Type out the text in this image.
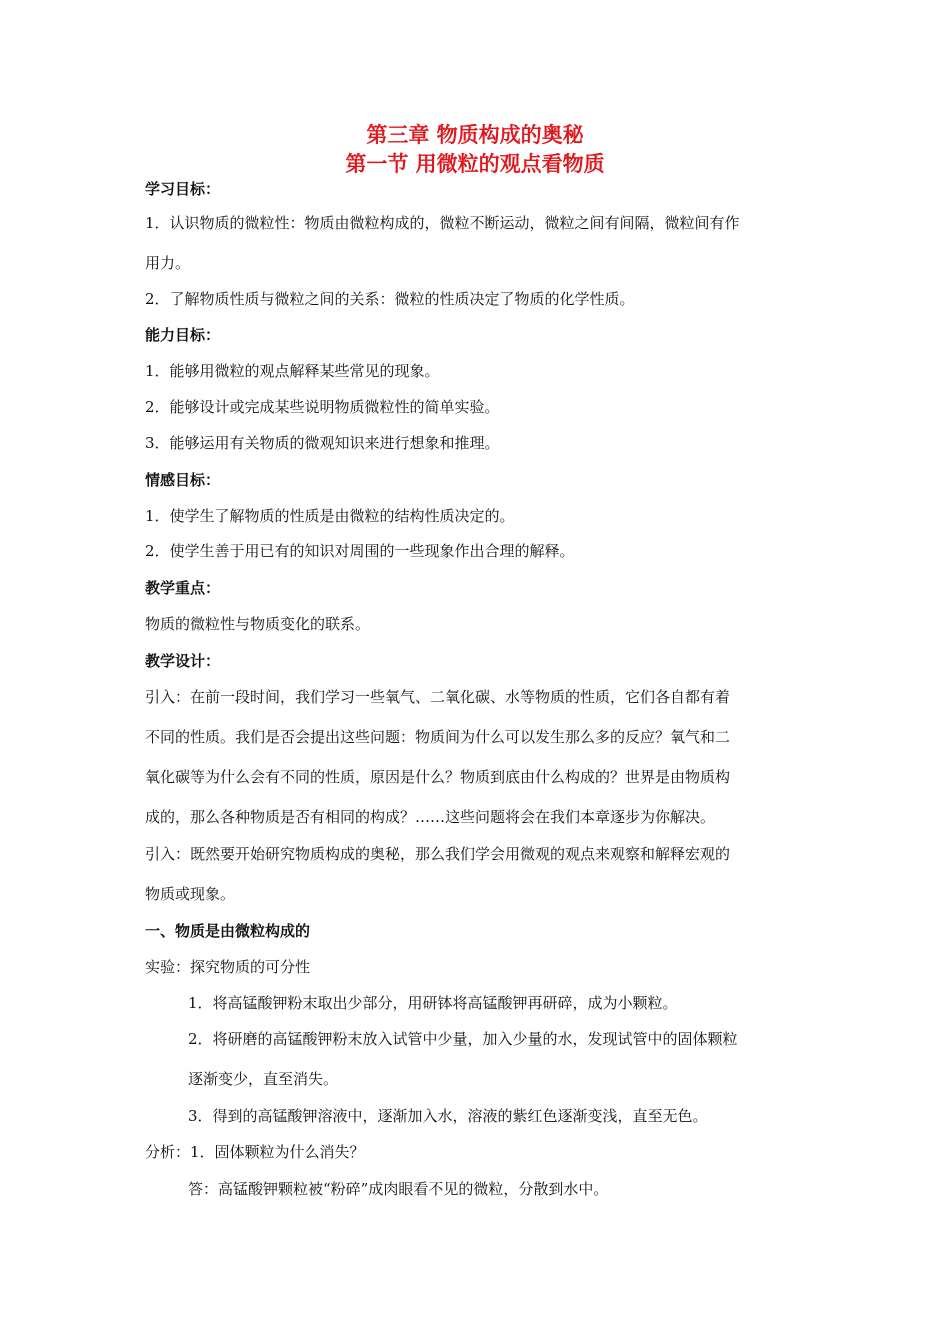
第三章 物质构成的奥秘
第一节 用微粒的观点看物质

学习目标：

1．认识物质的微粒性：物质由微粒构成的，微粒不断运动，微粒之间有间隔，微粒间有作

用力。

2．了解物质性质与微粒之间的关系：微粒的性质决定了物质的化学性质。

能力目标：

1．能够用微粒的观点解释某些常见的现象。

2．能够设计或完成某些说明物质微粒性的简单实验。

3．能够运用有关物质的微观知识来进行想象和推理。

情感目标：

1．使学生了解物质的性质是由微粒的结构性质决定的。

2．使学生善于用已有的知识对周围的一些现象作出合理的解释。

教学重点：

物质的微粒性与物质变化的联系。

教学设计：

引入：在前一段时间，我们学习一些氧气、二氧化碳、水等物质的性质，它们各自都有着

不同的性质。我们是否会提出这些问题：物质间为什么可以发生那么多的反应？氧气和二

氧化碳等为什么会有不同的性质，原因是什么？物质到底由什么构成的？世界是由物质构

成的，那么各种物质是否有相同的构成？……这些问题将会在我们本章逐步为你解决。

引入：既然要开始研究物质构成的奥秘，那么我们学会用微观的观点来观察和解释宏观的

物质或现象。

一、物质是由微粒构成的

实验：探究物质的可分性

1．将高锰酸钾粉末取出少部分，用研钵将高锰酸钾再研碎，成为小颗粒。

2．将研磨的高锰酸钾粉末放入试管中少量，加入少量的水，发现试管中的固体颗粒

逐渐变少，直至消失。

3．得到的高锰酸钾溶液中，逐渐加入水，溶液的紫红色逐渐变浅，直至无色。

分析：1．固体颗粒为什么消失？

答：高锰酸钾颗粒被“粉碎”成肉眼看不见的微粒，分散到水中。
